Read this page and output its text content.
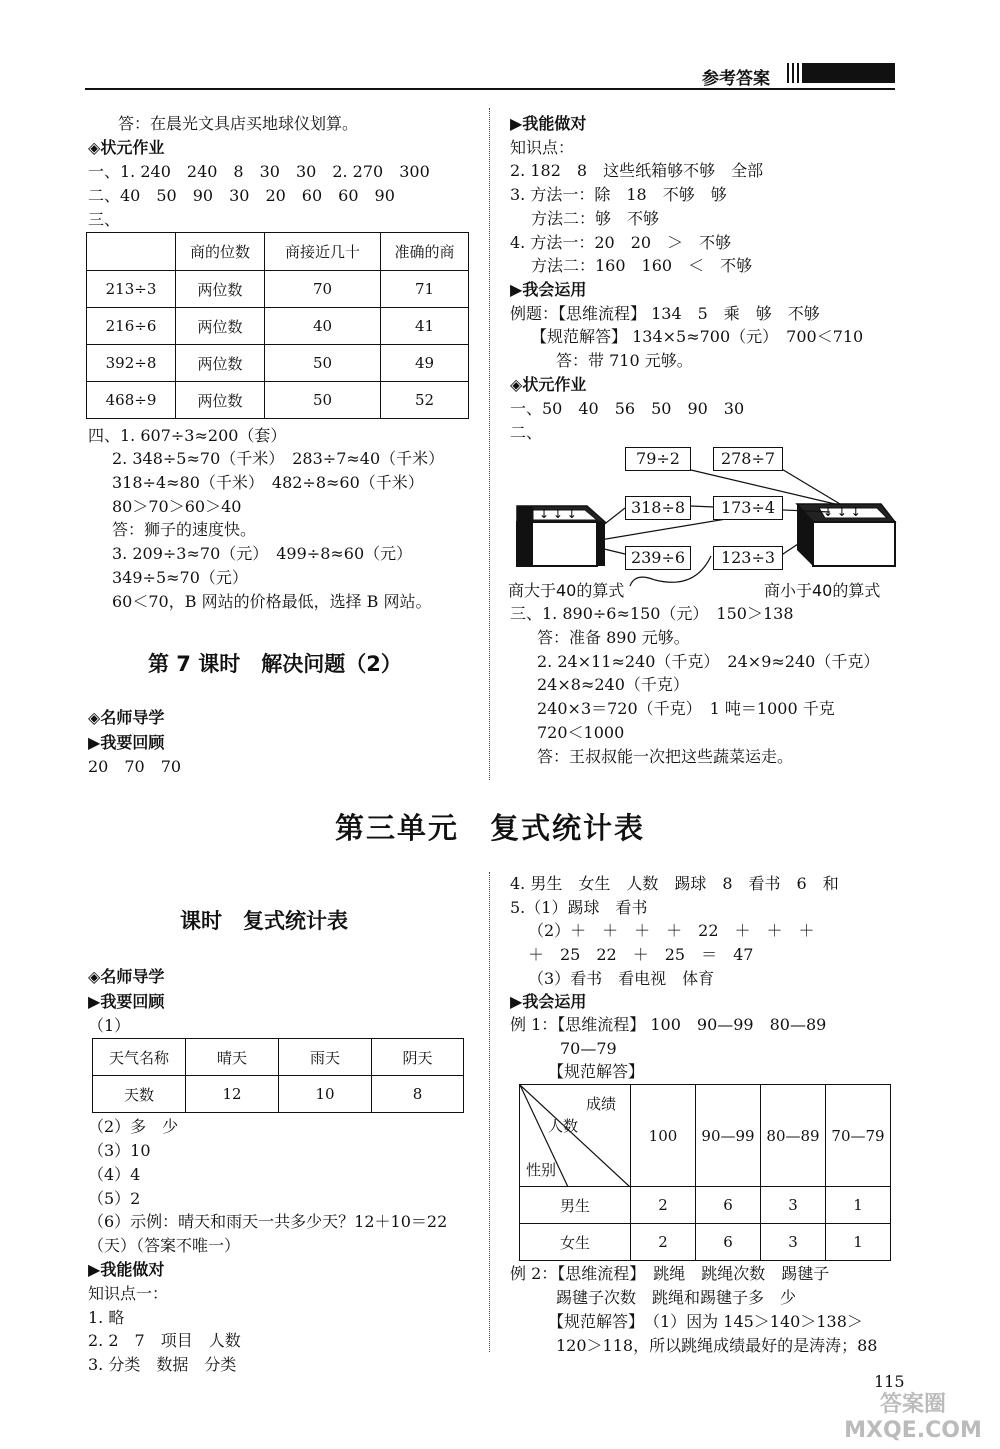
参考答案
答：在晨光文具店买地球仪划算。
◈状元作业
一、1. 240　240　8　30　30　2. 270　300
二、40　50　90　30　20　60　60　90
三、
	商的位数	商接近几十	准确的商
213÷3	两位数	70	71
216÷6	两位数	40	41
392÷8	两位数	50	49
468÷9	两位数	50	52
四、1. 607÷3≈200（套）
2. 348÷5≈70（千米）　283÷7≈40（千米）
318÷4≈80（千米）　482÷8≈60（千米）
80＞70＞60＞40
答：狮子的速度快。
3. 209÷3≈70（元）　499÷8≈60（元）
349÷5≈70（元）
60＜70，B 网站的价格最低，选择 B 网站。
第 7 课时　解决问题（2）
◈名师导学
▶我要回顾
20　70　70
▶我能做对
知识点：
2. 182　8　这些纸箱够不够　全部
3. 方法一：除　18　不够　够
方法二：够　不够
4. 方法一：20　20　＞　不够
方法二：160　160　＜　不够
▶我会运用
例题：【思维流程】 134　5　乘　够　不够
【规范解答】 134×5≈700（元）　700＜710
答：带 710 元够。
◈状元作业
一、50　40　56　50　90　30
二、
↓ ↓ ↓	↓ ↓ ↓
79÷2	278÷7
318÷8	173÷4
239÷6	123÷3
商大于40的算式	商小于40的算式
三、1. 890÷6≈150（元）　150＞138
答：准备 890 元够。
2. 24×11≈240（千克）　24×9≈240（千克）
24×8≈240（千克）
240×3＝720（千克）　1 吨＝1000 千克
720＜1000
答：王叔叔能一次把这些蔬菜运走。
第三单元　复式统计表
课时　复式统计表
◈名师导学
▶我要回顾
（1）
天气名称	晴天	雨天	阴天
天数	12	10	8
（2）多　少
（3）10
（4）4
（5）2
（6）示例：晴天和雨天一共多少天？12＋10＝22
（天）（答案不唯一）
▶我能做对
知识点一：
1. 略
2. 2　7　项目　人数
3. 分类　数据　分类
4. 男生　女生　人数　踢球　8　看书　6　和
5.（1）踢球　看书
（2）＋　＋　＋　＋　22　＋　＋　＋
＋　25　22　＋　25　＝　47
（3）看书　看电视　体育
▶我会运用
例 1：【思维流程】 100　90—99　80—89
70—79
【规范解答】
成绩
人数
性别	100	90—99	80—89	70—79
男生	2	6	3	1
女生	2	6	3	1
例 2：【思维流程】　跳绳　跳绳次数　踢毽子
踢毽子次数　跳绳和踢毽子多　少
【规范解答】　（1）因为 145＞140＞138＞
120＞118，所以跳绳成绩最好的是涛涛；88
115
答案圈 MXQE.COM
